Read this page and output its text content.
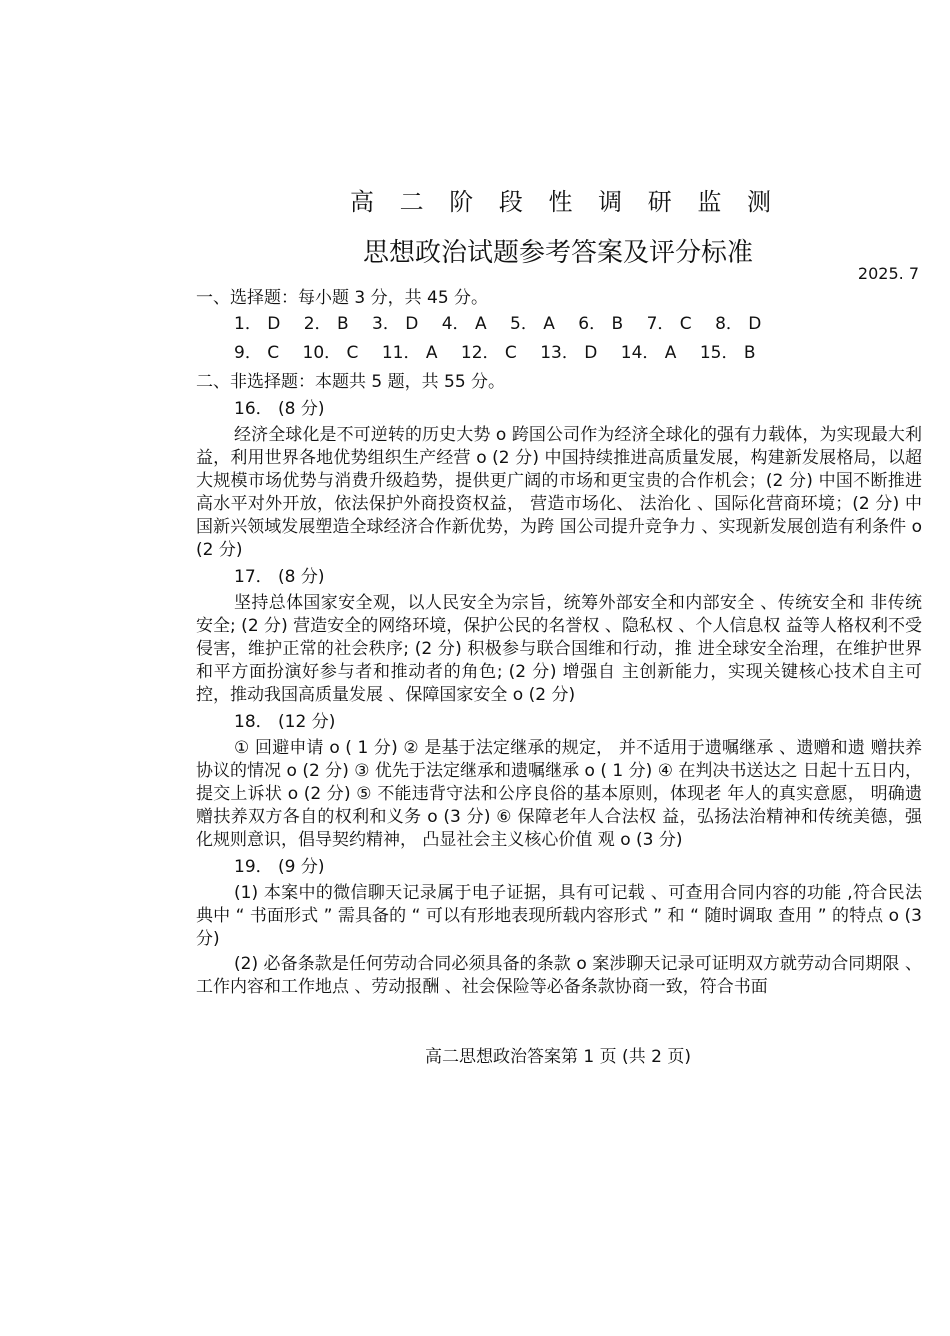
高 二 阶 段 性 调 研 监 测
思想政治试题参考答案及评分标准
2025. 7

一、选择题：每小题 3 分，共 45 分。

1． D 2． B 3． D 4． A 5． A 6． B 7． C 8． D
9． C 10． C 11． A 12． C 13． D 14． A 15． B

二、非选择题：本题共 5 题，共 55 分。

16． (8 分)

经济全球化是不可逆转的历史大势 o 跨国公司作为经济全球化的强有力载体，为实现最大利益，利用世界各地优势组织生产经营 o (2 分) 中国持续推进高质量发展，构建新发展格局，以超大规模市场优势与消费升级趋势，提供更广阔的市场和更宝贵的合作机会；(2 分) 中国不断推进高水平对外开放，依法保护外商投资权益， 营造市场化、 法治化 、国际化营商环境；(2 分) 中国新兴领域发展塑造全球经济合作新优势，为跨 国公司提升竞争力 、实现新发展创造有利条件 o (2 分)

17． (8 分)

坚持总体国家安全观，以人民安全为宗旨，统筹外部安全和内部安全 、传统安全和 非传统安全; (2 分) 营造安全的网络环境，保护公民的名誉权 、隐私权 、个人信息权 益等人格权利不受侵害，维护正常的社会秩序; (2 分) 积极参与联合国维和行动，推 进全球安全治理，在维护世界和平方面扮演好参与者和推动者的角色; (2 分) 增强自 主创新能力，实现关键核心技术自主可控，推动我国高质量发展 、保障国家安全 o (2 分)

18． (12 分)

① 回避申请 o ( 1 分) ② 是基于法定继承的规定， 并不适用于遗嘱继承 、遗赠和遗 赠扶养协议的情况 o (2 分) ③ 优先于法定继承和遗嘱继承 o ( 1 分) ④ 在判决书送达之 日起十五日内，提交上诉状 o (2 分) ⑤ 不能违背守法和公序良俗的基本原则，体现老 年人的真实意愿， 明确遗赠扶养双方各自的权利和义务 o (3 分) ⑥ 保障老年人合法权 益，弘扬法治精神和传统美德，强化规则意识，倡导契约精神， 凸显社会主义核心价值 观 o (3 分)

19． (9 分)

(1) 本案中的微信聊天记录属于电子证据，具有可记载 、可查用合同内容的功能 ,符合民法典中 “ 书面形式 ” 需具备的 “ 可以有形地表现所载内容形式 ” 和 “ 随时调取 查用 ” 的特点 o (3 分)

(2) 必备条款是任何劳动合同必须具备的条款 o 案涉聊天记录可证明双方就劳动合同期限 、工作内容和工作地点 、劳动报酬 、社会保险等必备条款协商一致，符合书面

高二思想政治答案第 1 页 (共 2 页)
